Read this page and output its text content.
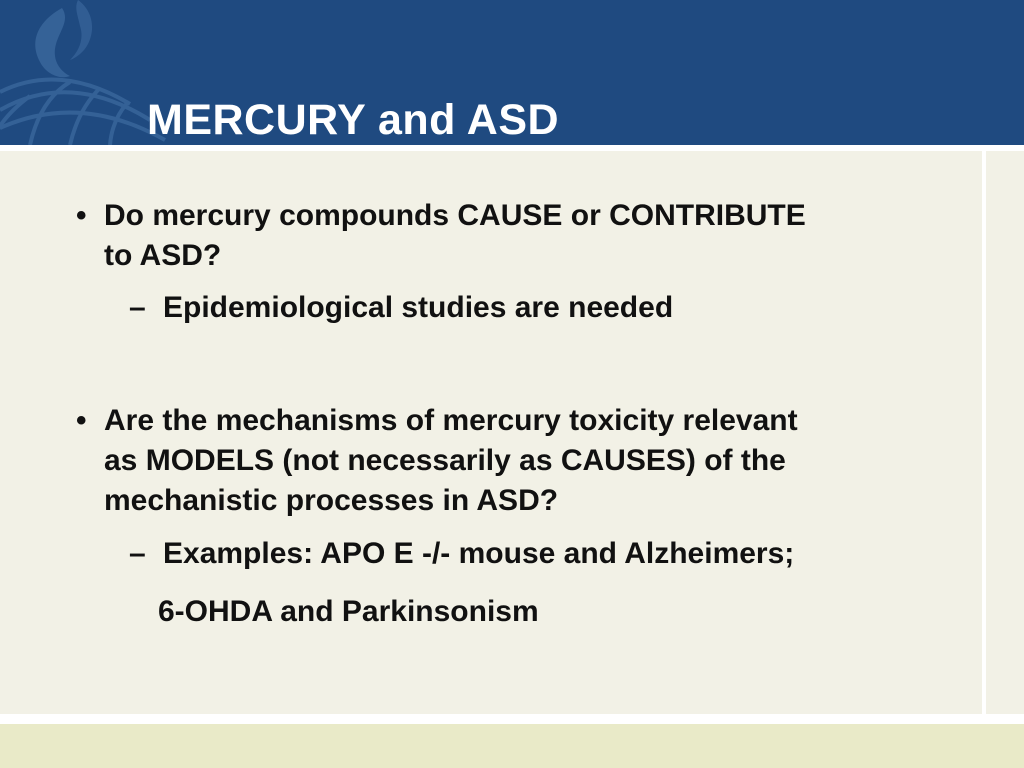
MERCURY and ASD
• Do mercury compounds CAUSE or CONTRIBUTE

to ASD?

– Epidemiological studies are needed

• Are the mechanisms of mercury toxicity relevant

as MODELS (not necessarily as CAUSES) of the

mechanistic processes in ASD?

– Examples: APO E -/- mouse and Alzheimers;

6-OHDA and Parkinsonism
